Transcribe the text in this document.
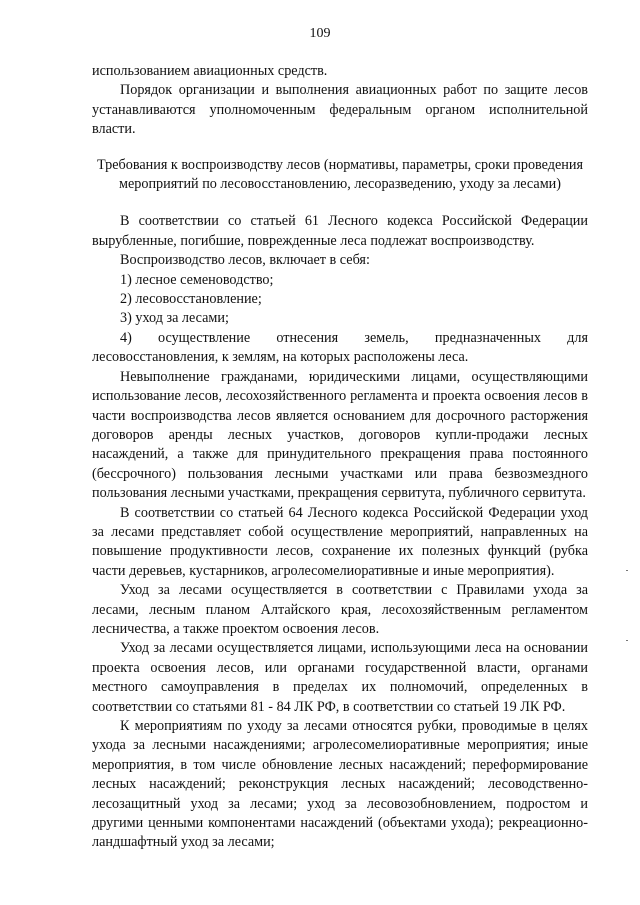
109

использованием авиационных средств.

Порядок организации и выполнения авиационных работ по защите лесов устанавливаются уполномоченным федеральным органом исполнительной власти.

Требования к воспроизводству лесов (нормативы, параметры, сроки проведения мероприятий по лесовосстановлению, лесоразведению, уходу за лесами)

В соответствии со статьей 61 Лесного кодекса Российской Федерации вырубленные, погибшие, поврежденные леса подлежат воспроизводству.

Воспроизводство лесов, включает в себя:

1) лесное семеноводство;

2) лесовосстановление;

3) уход за лесами;

4) осуществление отнесения земель, предназначенных для лесовосстановления, к землям, на которых расположены леса.

Невыполнение гражданами, юридическими лицами, осуществляющими использование лесов, лесохозяйственного регламента и проекта освоения лесов в части воспроизводства лесов является основанием для досрочного расторжения договоров аренды лесных участков, договоров купли-продажи лесных насаждений, а также для принудительного прекращения права постоянного (бессрочного) пользования лесными участками или права безвозмездного пользования лесными участками, прекращения сервитута, публичного сервитута.

В соответствии со статьей 64 Лесного кодекса Российской Федерации уход за лесами представляет собой осуществление мероприятий, направленных на повышение продуктивности лесов, сохранение их полезных функций (рубка части деревьев, кустарников, агролесомелиоративные и иные мероприятия).

Уход за лесами осуществляется в соответствии с Правилами ухода за лесами, лесным планом Алтайского края, лесохозяйственным регламентом лесничества, а также проектом освоения лесов.

Уход за лесами осуществляется лицами, использующими леса на основании проекта освоения лесов, или органами государственной власти, органами местного самоуправления в пределах их полномочий, определенных в соответствии со статьями 81 - 84 ЛК РФ, в соответствии со статьей 19 ЛК РФ.

К мероприятиям по уходу за лесами относятся рубки, проводимые в целях ухода за лесными насаждениями; агролесомелиоративные мероприятия; иные мероприятия, в том числе обновление лесных насаждений; переформирование лесных насаждений; реконструкция лесных насаждений; лесоводственно-лесозащитный уход за лесами; уход за лесовозобновлением, подростом и другими ценными компонентами насаждений (объектами ухода); рекреационно-ландшафтный уход за лесами;
